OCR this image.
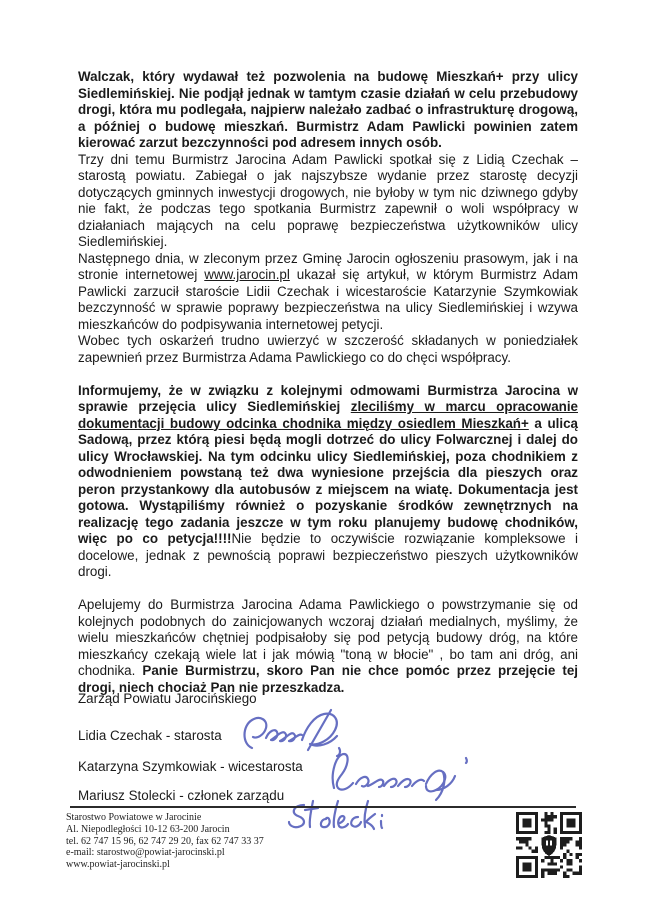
Walczak, który wydawał też pozwolenia na budowę Mieszkań+ przy ulicy Siedlemińskiej. Nie podjął jednak w tamtym czasie działań w celu przebudowy drogi, która mu podlegała, najpierw należało zadbać o infrastrukturę drogową, a później o budowę mieszkań. Burmistrz Adam Pawlicki powinien zatem kierować zarzut bezczynności pod adresem innych osób.

Trzy dni temu Burmistrz Jarocina Adam Pawlicki spotkał się z Lidią Czechak – starostą powiatu. Zabiegał o jak najszybsze wydanie przez starostę decyzji dotyczących gminnych inwestycji drogowych, nie byłoby w tym nic dziwnego gdyby nie fakt, że podczas tego spotkania Burmistrz zapewnił o woli współpracy w działaniach mających na celu poprawę bezpieczeństwa użytkowników ulicy Siedlemińskiej.

Następnego dnia, w zleconym przez Gminę Jarocin ogłoszeniu prasowym, jak i na stronie internetowej www.jarocin.pl ukazał się artykuł, w którym Burmistrz Adam Pawlicki zarzucił staroście Lidii Czechak i wicestaroście Katarzynie Szymkowiak bezczynność w sprawie poprawy bezpieczeństwa na ulicy Siedlemińskiej i wzywa mieszkańców do podpisywania internetowej petycji.

Wobec tych oskarżeń trudno uwierzyć w szczerość składanych w poniedziałek zapewnień przez Burmistrza Adama Pawlickiego co do chęci współpracy.

Informujemy, że w związku z kolejnymi odmowami Burmistrza Jarocina w sprawie przejęcia ulicy Siedlemińskiej zleciliśmy w marcu opracowanie dokumentacji budowy odcinka chodnika między osiedlem Mieszkań+ a ulicą Sadową, przez którą piesi będą mogli dotrzeć do ulicy Folwarcznej i dalej do ulicy Wrocławskiej. Na tym odcinku ulicy Siedlemińskiej, poza chodnikiem z odwodnieniem powstaną też dwa wyniesione przejścia dla pieszych oraz peron przystankowy dla autobusów z miejscem na wiatę. Dokumentacja jest gotowa. Wystąpiliśmy również o pozyskanie środków zewnętrznych na realizację tego zadania jeszcze w tym roku planujemy budowę chodników, więc po co petycja!!!!Nie będzie to oczywiście rozwiązanie kompleksowe i docelowe, jednak z pewnością poprawi bezpieczeństwo pieszych użytkowników drogi.

Apelujemy do Burmistrza Jarocina Adama Pawlickiego o powstrzymanie się od kolejnych podobnych do zainicjowanych wczoraj działań medialnych, myślimy, że wielu mieszkańców chętniej podpisałoby się pod petycją budowy dróg, na które mieszkańcy czekają wiele lat i jak mówią "toną w błocie" , bo tam ani dróg, ani chodnika. Panie Burmistrzu, skoro Pan nie chce pomóc przez przejęcie tej drogi, niech chociaż Pan nie przeszkadza.

Zarząd Powiatu Jarocińskiego
Lidia Czechak - starosta
Katarzyna Szymkowiak - wicestarosta
Mariusz Stolecki - członek zarządu
Starostwo Powiatowe w Jarocinie
Al. Niepodległości 10-12 63-200 Jarocin
tel. 62 747 15 96, 62 747 29 20, fax 62 747 33 37
e-mail: starostwo@powiat-jarocinski.pl
www.powiat-jarocinski.pl
